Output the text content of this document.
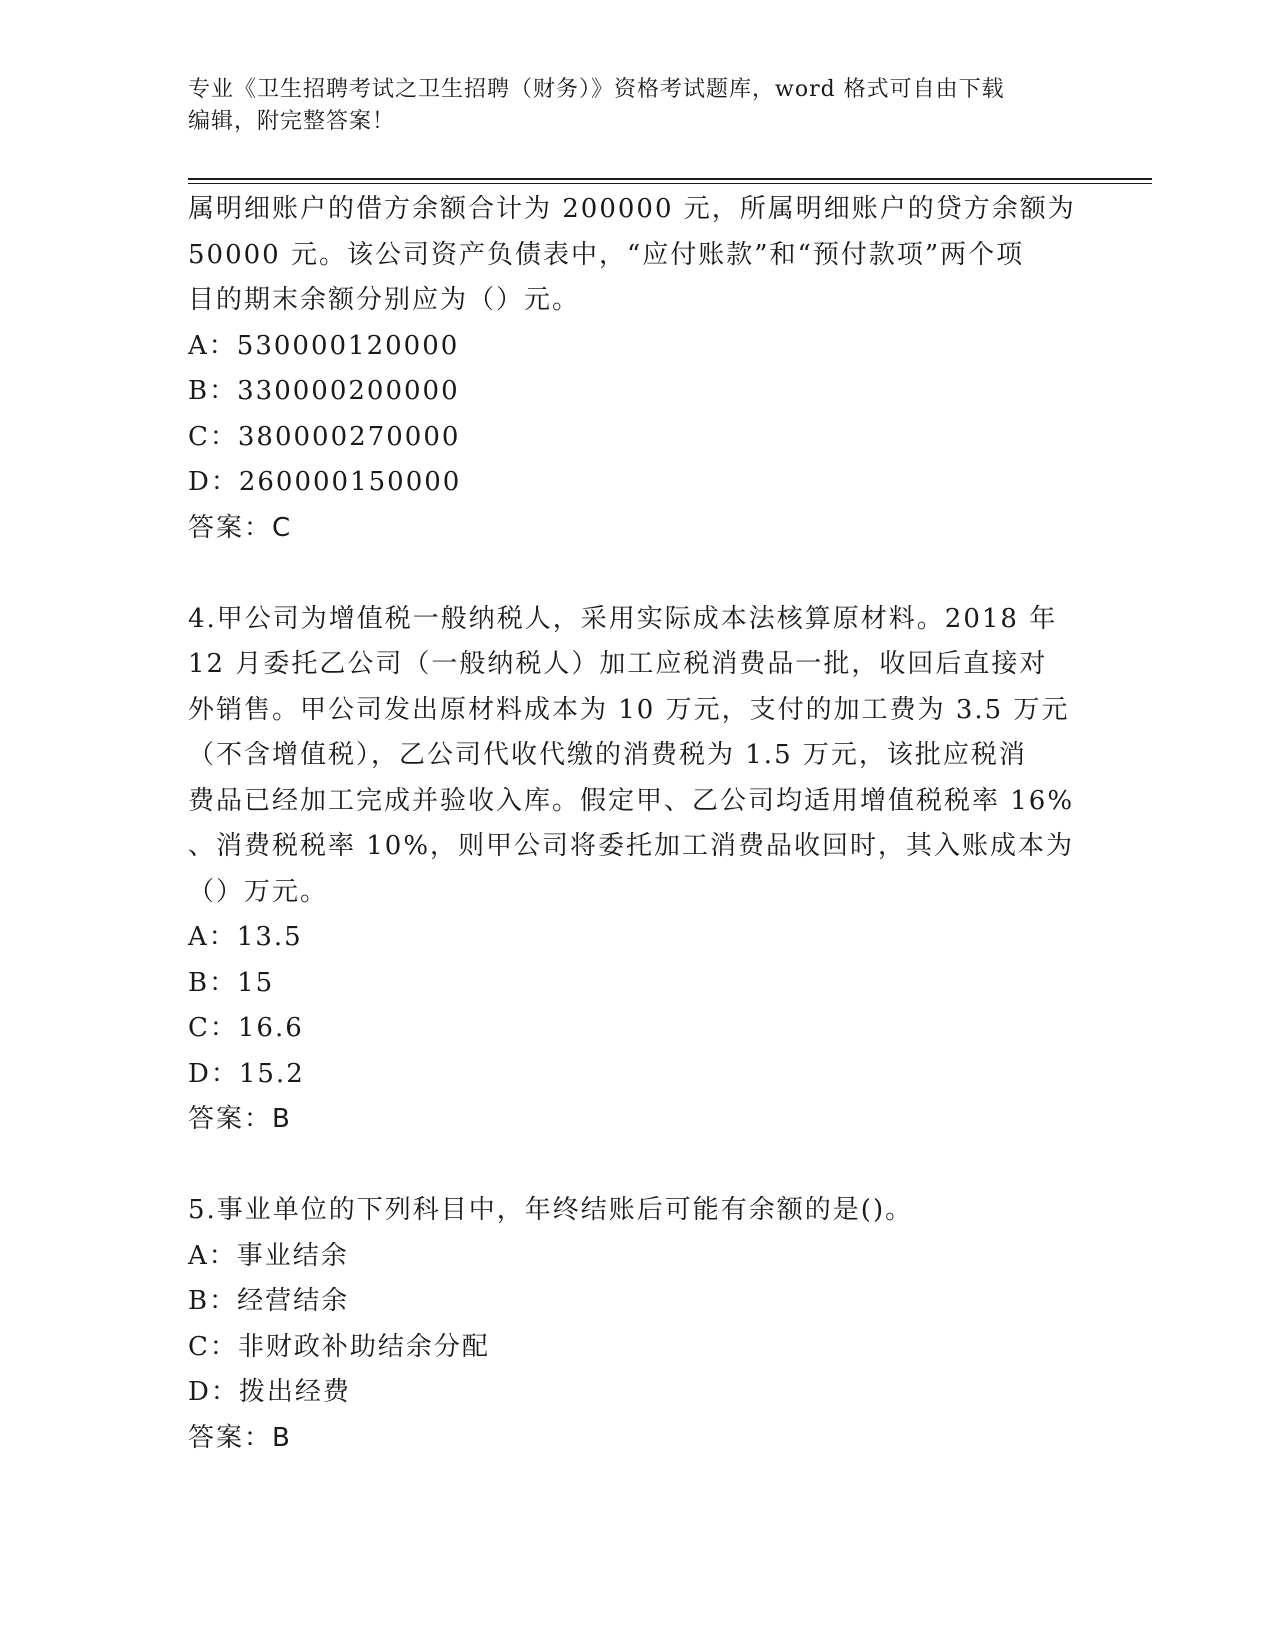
专业《卫生招聘考试之卫生招聘（财务）》资格考试题库，word 格式可自由下载
编辑，附完整答案！
属明细账户的借方余额合计为 200000 元，所属明细账户的贷方余额为
50000 元。该公司资产负债表中，“应付账款”和“预付款项”两个项
目的期末余额分别应为（）元。
A：530000120000
B：330000200000
C：380000270000
D：260000150000
答案：C
4.甲公司为增值税一般纳税人，采用实际成本法核算原材料。2018 年
12 月委托乙公司（一般纳税人）加工应税消费品一批，收回后直接对
外销售。甲公司发出原材料成本为 10 万元，支付的加工费为 3.5 万元
（不含增值税），乙公司代收代缴的消费税为 1.5 万元，该批应税消
费品已经加工完成并验收入库。假定甲、乙公司均适用增值税税率 16%
、消费税税率 10%，则甲公司将委托加工消费品收回时，其入账成本为
（）万元。
A：13.5
B：15
C：16.6
D：15.2
答案：B
5.事业单位的下列科目中，年终结账后可能有余额的是()。
A：事业结余
B：经营结余
C：非财政补助结余分配
D：拨出经费
答案：B
